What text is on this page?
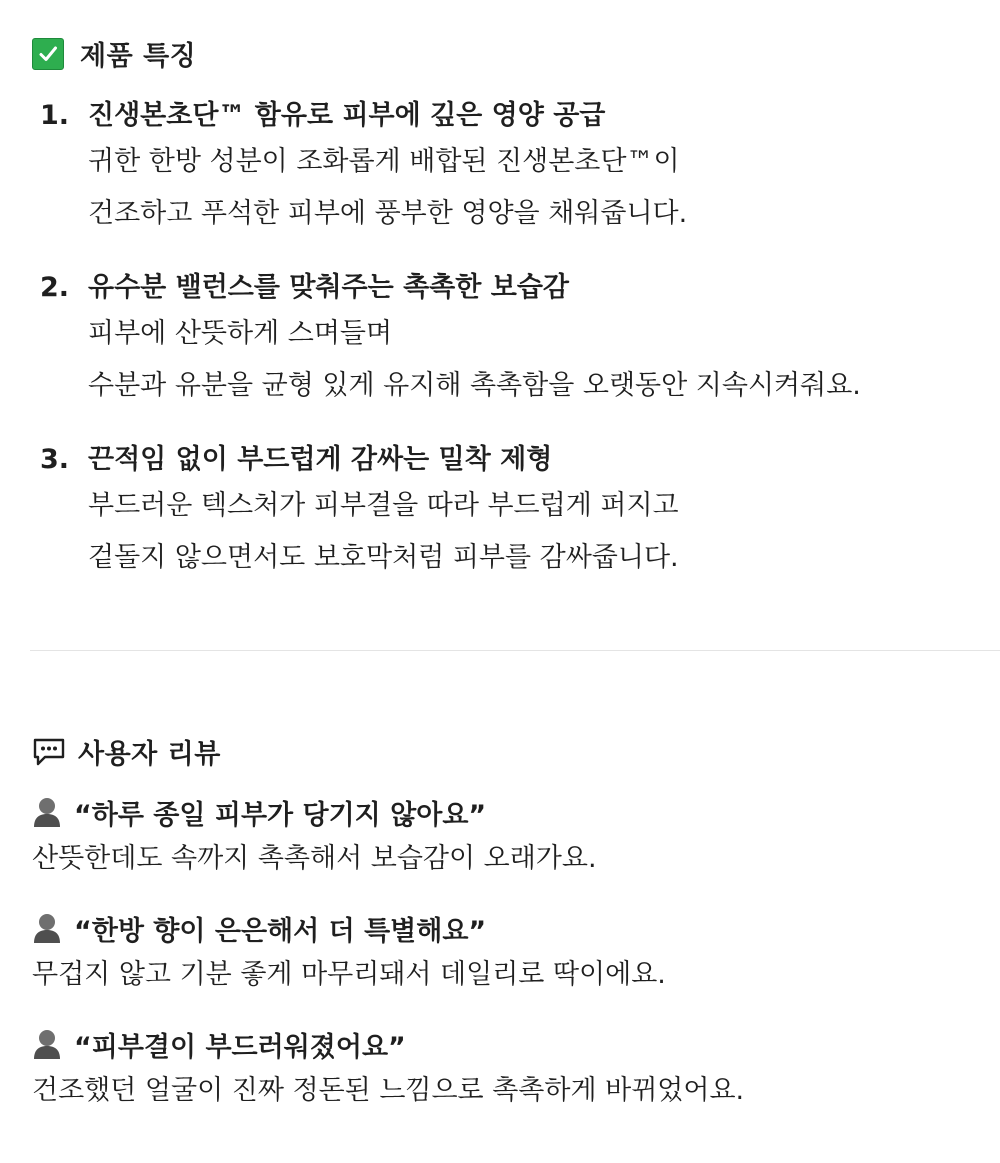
제품 특징
1. 진생본초단™ 함유로 피부에 깊은 영양 공급
귀한 한방 성분이 조화롭게 배합된 진생본초단™이
건조하고 푸석한 피부에 풍부한 영양을 채워줍니다.
2. 유수분 밸런스를 맞춰주는 촉촉한 보습감
피부에 산뜻하게 스며들며
수분과 유분을 균형 있게 유지해 촉촉함을 오랫동안 지속시켜줘요.
3. 끈적임 없이 부드럽게 감싸는 밀착 제형
부드러운 텍스처가 피부결을 따라 부드럽게 퍼지고
겉돌지 않으면서도 보호막처럼 피부를 감싸줍니다.
사용자 리뷰
“하루 종일 피부가 당기지 않아요”
산뜻한데도 속까지 촉촉해서 보습감이 오래가요.
“한방 향이 은은해서 더 특별해요”
무겁지 않고 기분 좋게 마무리돼서 데일리로 딱이에요.
“피부결이 부드러워졌어요”
건조했던 얼굴이 진짜 정돈된 느낌으로 촉촉하게 바뀌었어요.
